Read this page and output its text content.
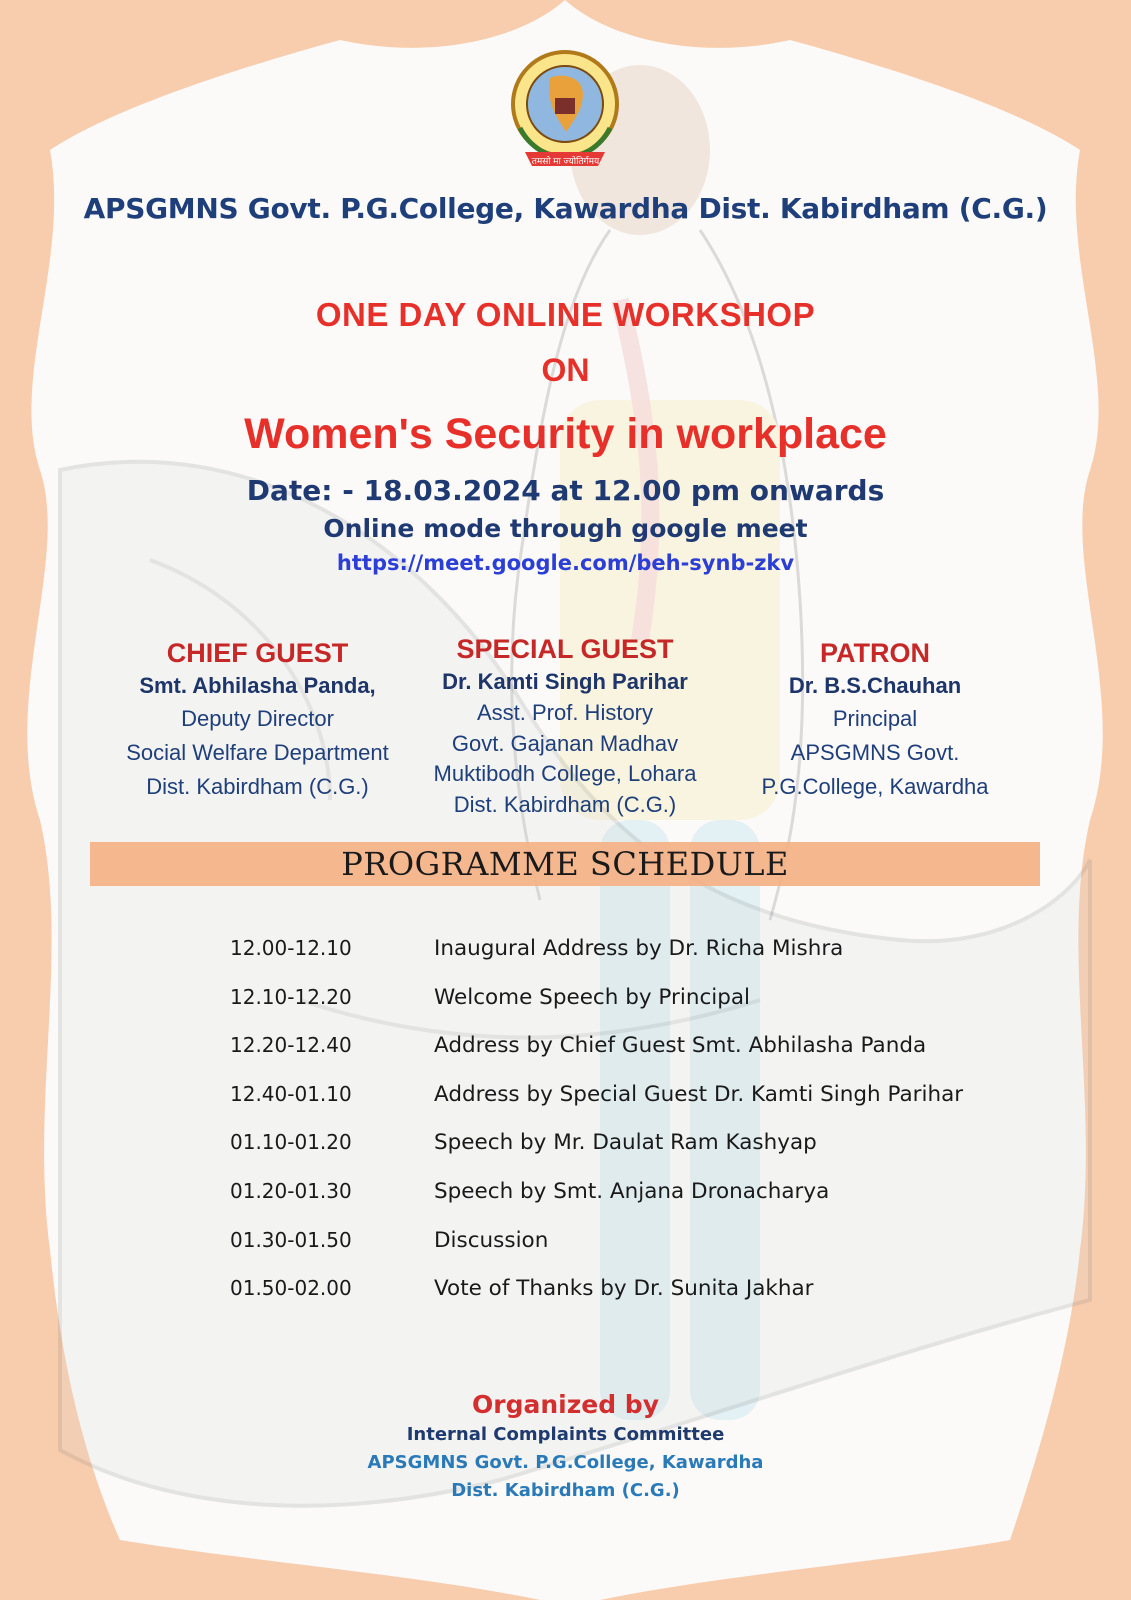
तमसो मा ज्योतिर्गमय
APSGMNS Govt. P.G.College, Kawardha Dist. Kabirdham (C.G.)
ONE DAY ONLINE WORKSHOP
ON
Women's Security in workplace
Date: - 18.03.2024 at 12.00 pm onwards
Online mode through google meet
https://meet.google.com/beh-synb-zkv
CHIEF GUEST
Smt. Abhilasha Panda,
Deputy Director
Social Welfare Department
Dist. Kabirdham (C.G.)
SPECIAL GUEST
Dr. Kamti Singh Parihar
Asst. Prof. History
Govt. Gajanan Madhav
Muktibodh College, Lohara
Dist. Kabirdham (C.G.)
PATRON
Dr. B.S.Chauhan
Principal
APSGMNS Govt.
P.G.College, Kawardha
PROGRAMME SCHEDULE
12.00-12.10	Inaugural Address by Dr. Richa Mishra
12.10-12.20	Welcome Speech by Principal
12.20-12.40	Address by Chief Guest Smt. Abhilasha Panda
12.40-01.10	Address by Special Guest Dr. Kamti Singh Parihar
01.10-01.20	Speech by Mr. Daulat Ram Kashyap
01.20-01.30	Speech by Smt. Anjana Dronacharya
01.30-01.50	Discussion
01.50-02.00	Vote of Thanks by Dr. Sunita Jakhar
Organized by
Internal Complaints Committee
APSGMNS Govt. P.G.College, Kawardha
Dist. Kabirdham (C.G.)
